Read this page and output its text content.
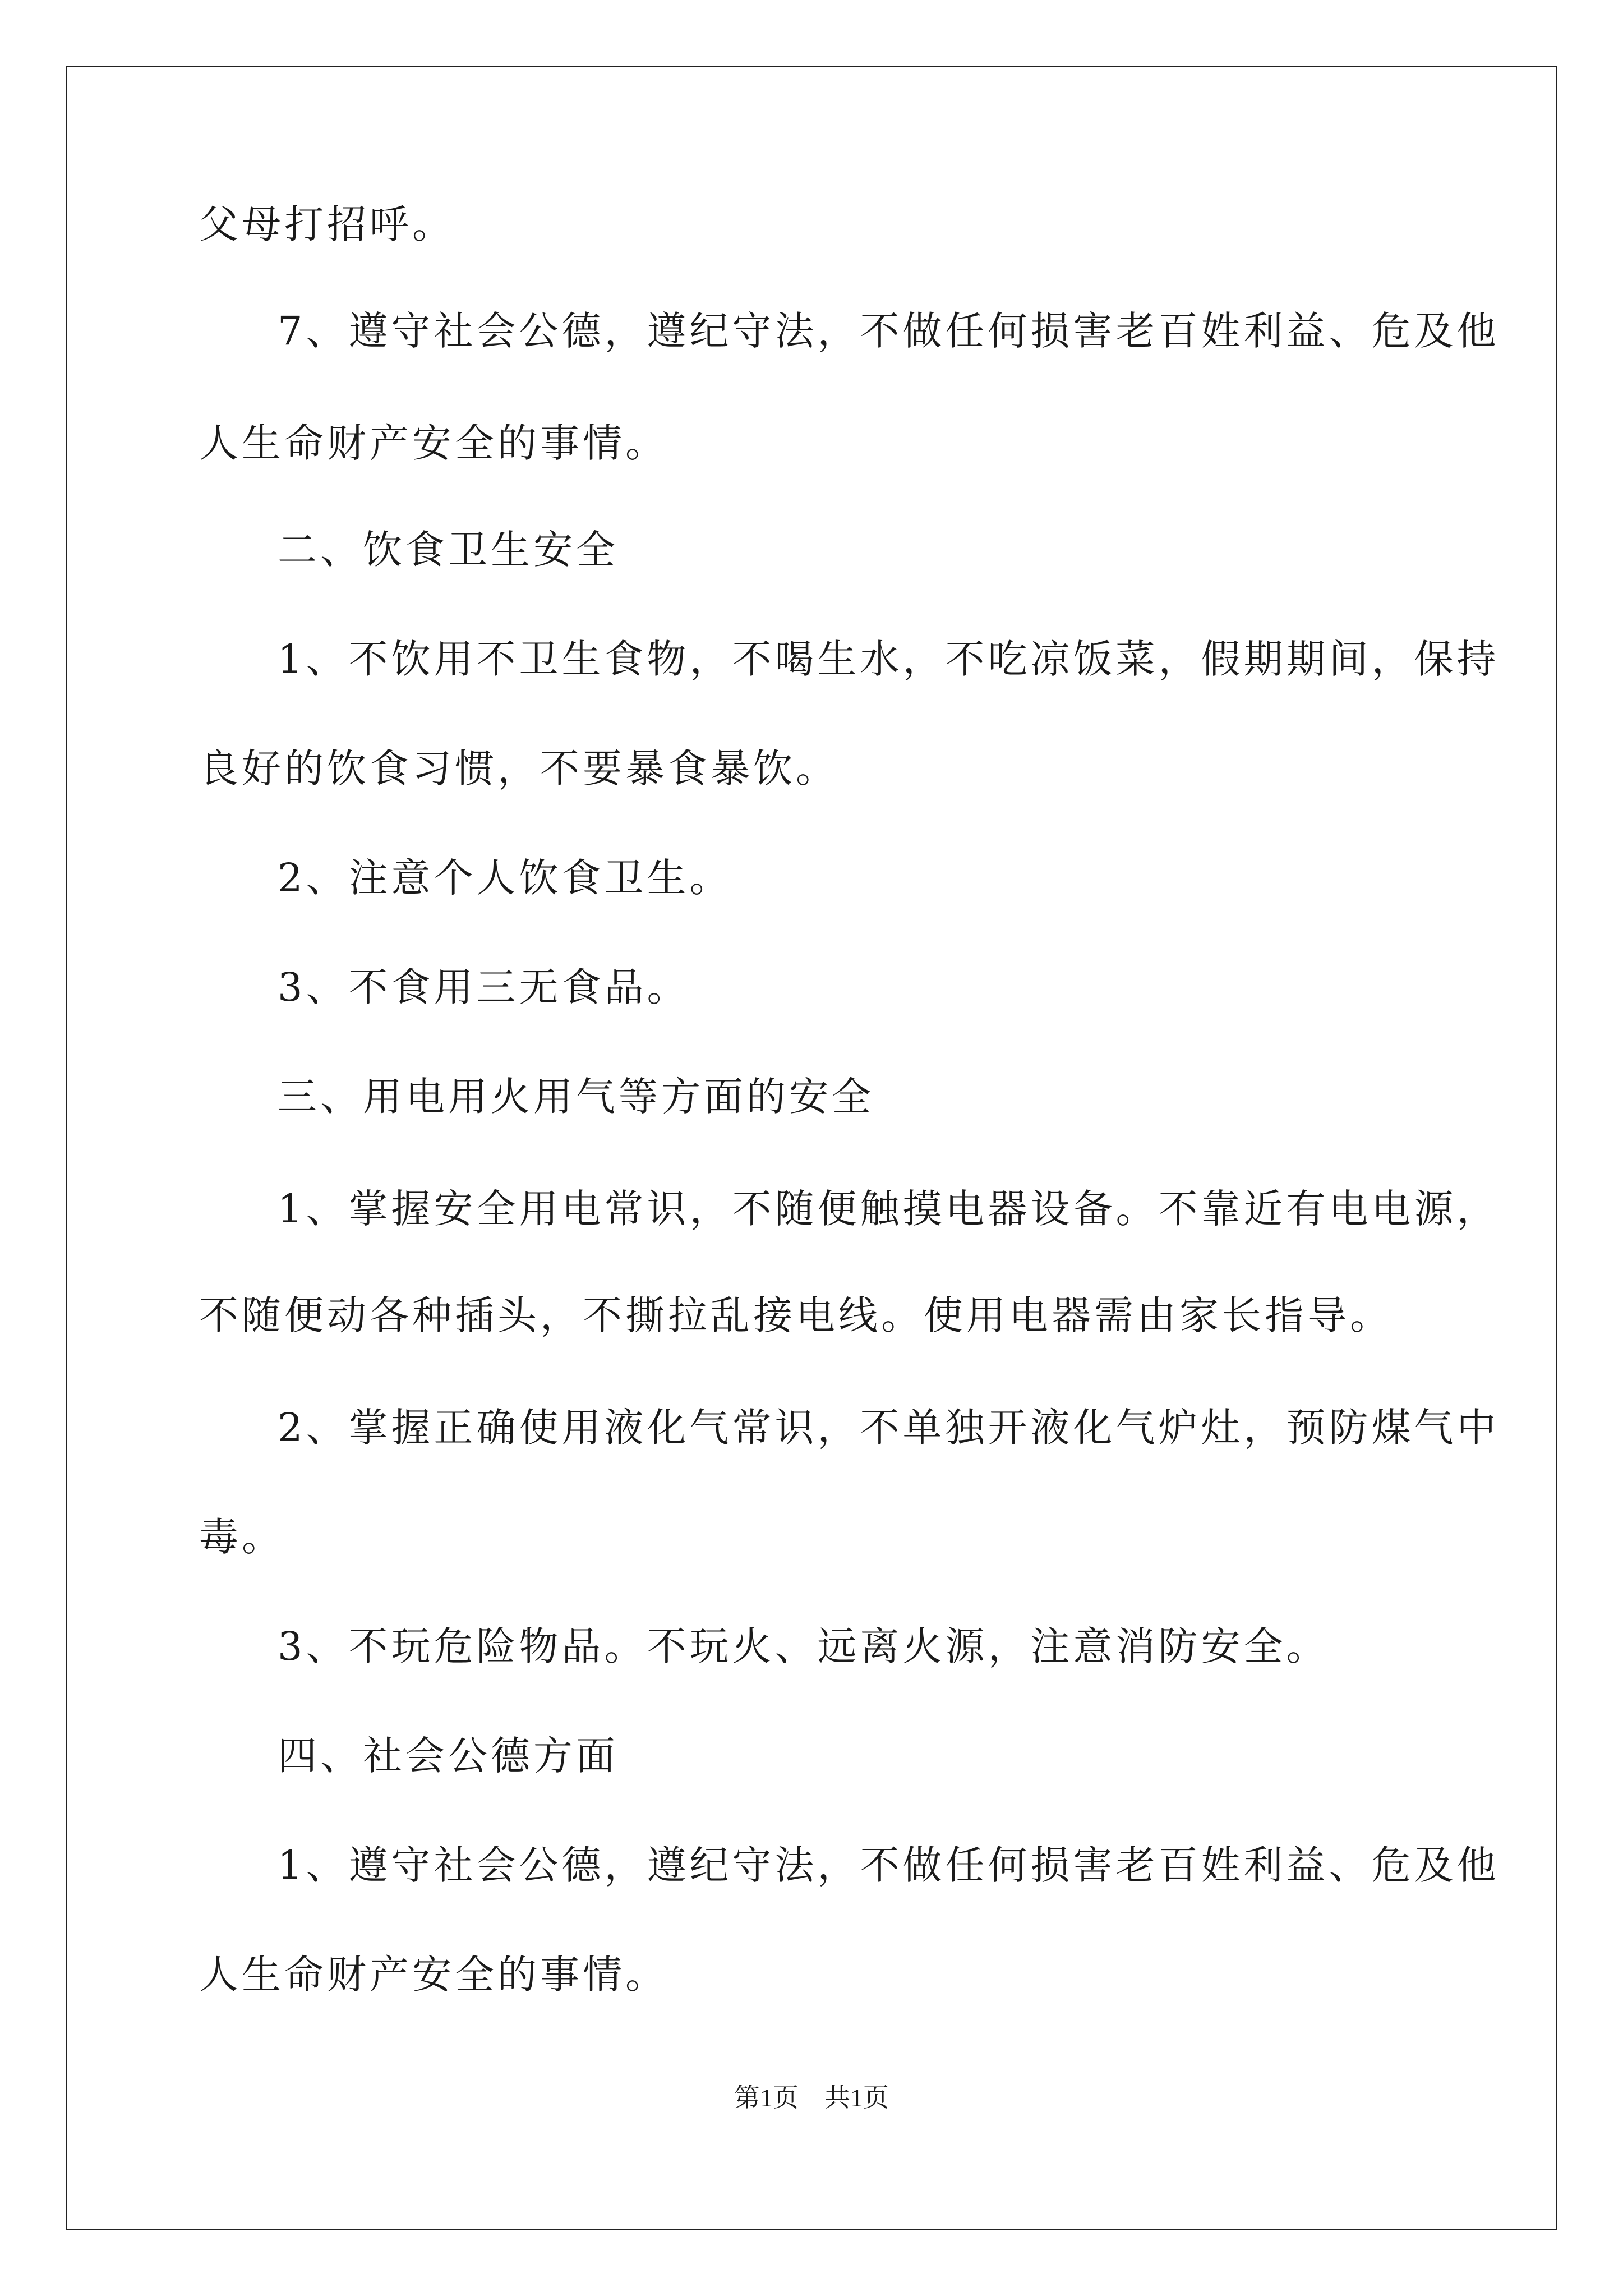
父母打招呼。
7、遵守社会公德，遵纪守法，不做任何损害老百姓利益、危及他
人生命财产安全的事情。
二、饮食卫生安全
1、不饮用不卫生食物，不喝生水，不吃凉饭菜，假期期间，保持
良好的饮食习惯，不要暴食暴饮。
2、注意个人饮食卫生。
3、不食用三无食品。
三、用电用火用气等方面的安全
1、掌握安全用电常识，不随便触摸电器设备。不靠近有电电源，
不随便动各种插头，不撕拉乱接电线。使用电器需由家长指导。
2、掌握正确使用液化气常识，不单独开液化气炉灶，预防煤气中
毒。
3、不玩危险物品。不玩火、远离火源，注意消防安全。
四、社会公德方面
1、遵守社会公德，遵纪守法，不做任何损害老百姓利益、危及他
人生命财产安全的事情。
第1页　共1页
